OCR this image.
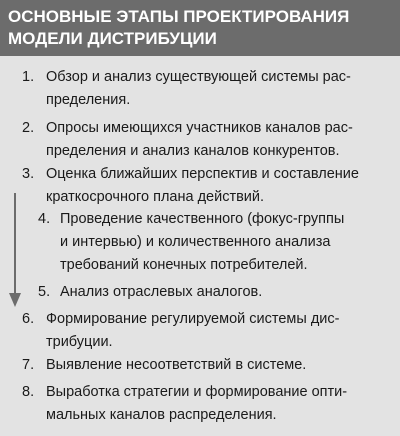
ОСНОВНЫЕ ЭТАПЫ ПРОЕКТИРОВАНИЯ
МОДЕЛИ ДИСТРИБУЦИИ
1. Обзор и анализ существующей системы рас-
пределения.
2. Опросы имеющихся участников каналов рас-
пределения и анализ каналов конкурентов.
3. Оценка ближайших перспектив и составление
краткосрочного плана действий.
4. Проведение качественного (фокус-группы
и интервью) и количественного анализа
требований конечных потребителей.
5. Анализ отраслевых аналогов.
6. Формирование регулируемой системы дис-
трибуции.
7. Выявление несоответствий в системе.
8. Выработка стратегии и формирование опти-
мальных каналов распределения.
